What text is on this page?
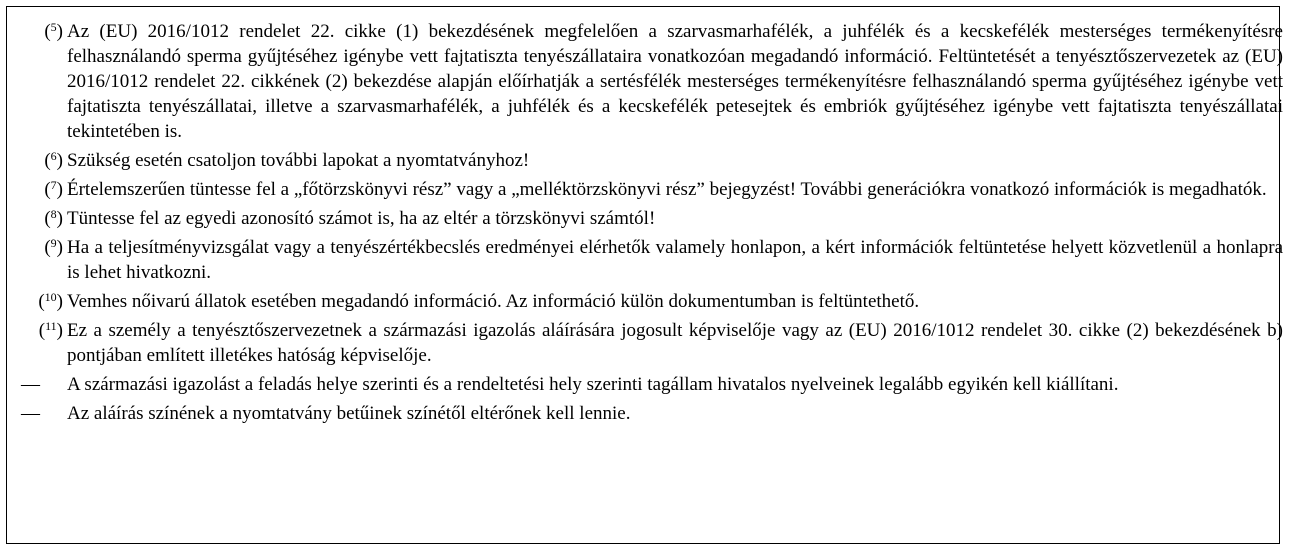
($^5$) Az (EU) 2016/1012 rendelet 22. cikke (1) bekezdésének megfelelően a szarvasmarhafélék, a juhfélék és a kecskefélék mesterséges termékenyítésre felhasználandó sperma gyűjtéséhez igénybe vett fajtatiszta tenyészállataira vonatkozóan megadandó információ. Feltüntetését a tenyésztőszervezetek az (EU) 2016/1012 rendelet 22. cikkének (2) bekezdése alapján előírhatják a sertésfélék mesterséges termékenyítésre felhasználandó sperma gyűjtéséhez igénybe vett fajtatiszta tenyészállatai, illetve a szarvasmarhafélék, a juhfélék és a kecskefélék petesejtek és embriók gyűjtéséhez igénybe vett fajtatiszta tenyészállatai tekintetében is.
($^6$) Szükség esetén csatoljon további lapokat a nyomtatványhoz!
($^7$) Értelemszerűen tüntesse fel a „főtörzskönyvi rész” vagy a „melléktörzskönyvi rész” bejegyzést! További generációkra vonatkozó információk is megadhatók.
($^8$) Tüntesse fel az egyedi azonosító számot is, ha az eltér a törzskönyvi számtól!
($^9$) Ha a teljesítményvizsgálat vagy a tenyészértékbecslés eredményei elérhetők valamely honlapon, a kért információk feltüntetése helyett közvetlenül a honlapra is lehet hivatkozni.
($^{10}$) Vemhes nőivarú állatok esetében megadandó információ. Az információ külön dokumentumban is feltüntethető.
($^{11}$) Ez a személy a tenyésztőszervezetnek a származási igazolás aláírására jogosult képviselője vagy az (EU) 2016/1012 rendelet 30. cikke (2) bekezdésének b) pontjában említett illetékes hatóság képviselője.
—	A származási igazolást a feladás helye szerinti és a rendeltetési hely szerinti tagállam hivatalos nyelveinek legalább egyikén kell kiállítani.
—	Az aláírás színének a nyomtatvány betűinek színétől eltérőnek kell lennie.
